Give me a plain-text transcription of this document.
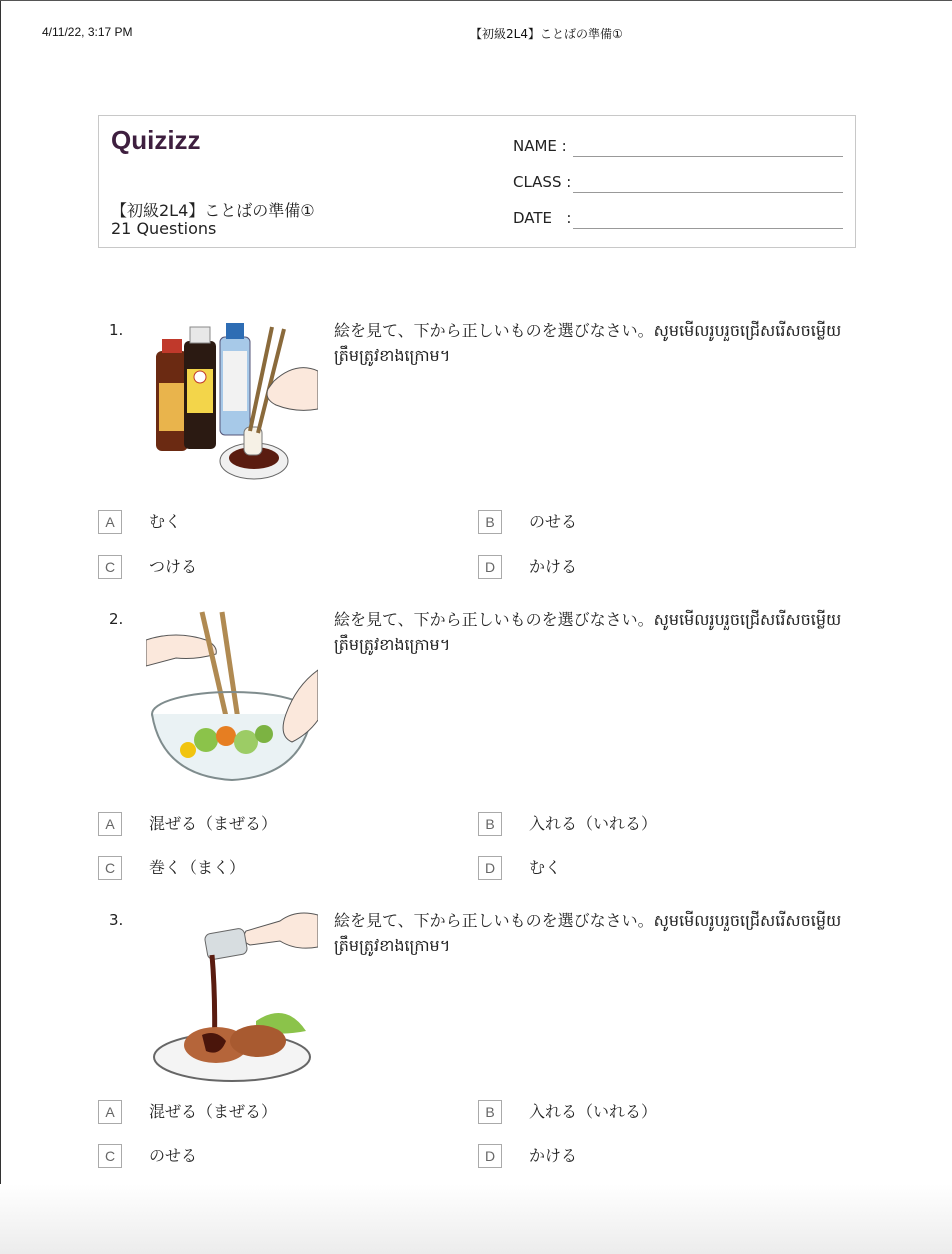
4/11/22, 3:17 PM	【初級2L4】ことばの準備①
Quizizz
【初級2L4】ことばの準備①
21 Questions
NAME :
CLASS :
DATE   :
1.	絵を見て、下から正しいものを選びなさい。សូមមើលរូបរួចជ្រើសរើសចម្លើយត្រឹមត្រូវខាងក្រោម។
A	むく	B	のせる
C	つける	D	かける
2.	絵を見て、下から正しいものを選びなさい。សូមមើលរូបរួចជ្រើសរើសចម្លើយត្រឹមត្រូវខាងក្រោម។
A	混ぜる（まぜる）	B	入れる（いれる）
C	巻く（まく）	D	むく
3.	絵を見て、下から正しいものを選びなさい。សូមមើលរូបរួចជ្រើសរើសចម្លើយត្រឹមត្រូវខាងក្រោម។
A	混ぜる（まぜる）	B	入れる（いれる）
C	のせる	D	かける
